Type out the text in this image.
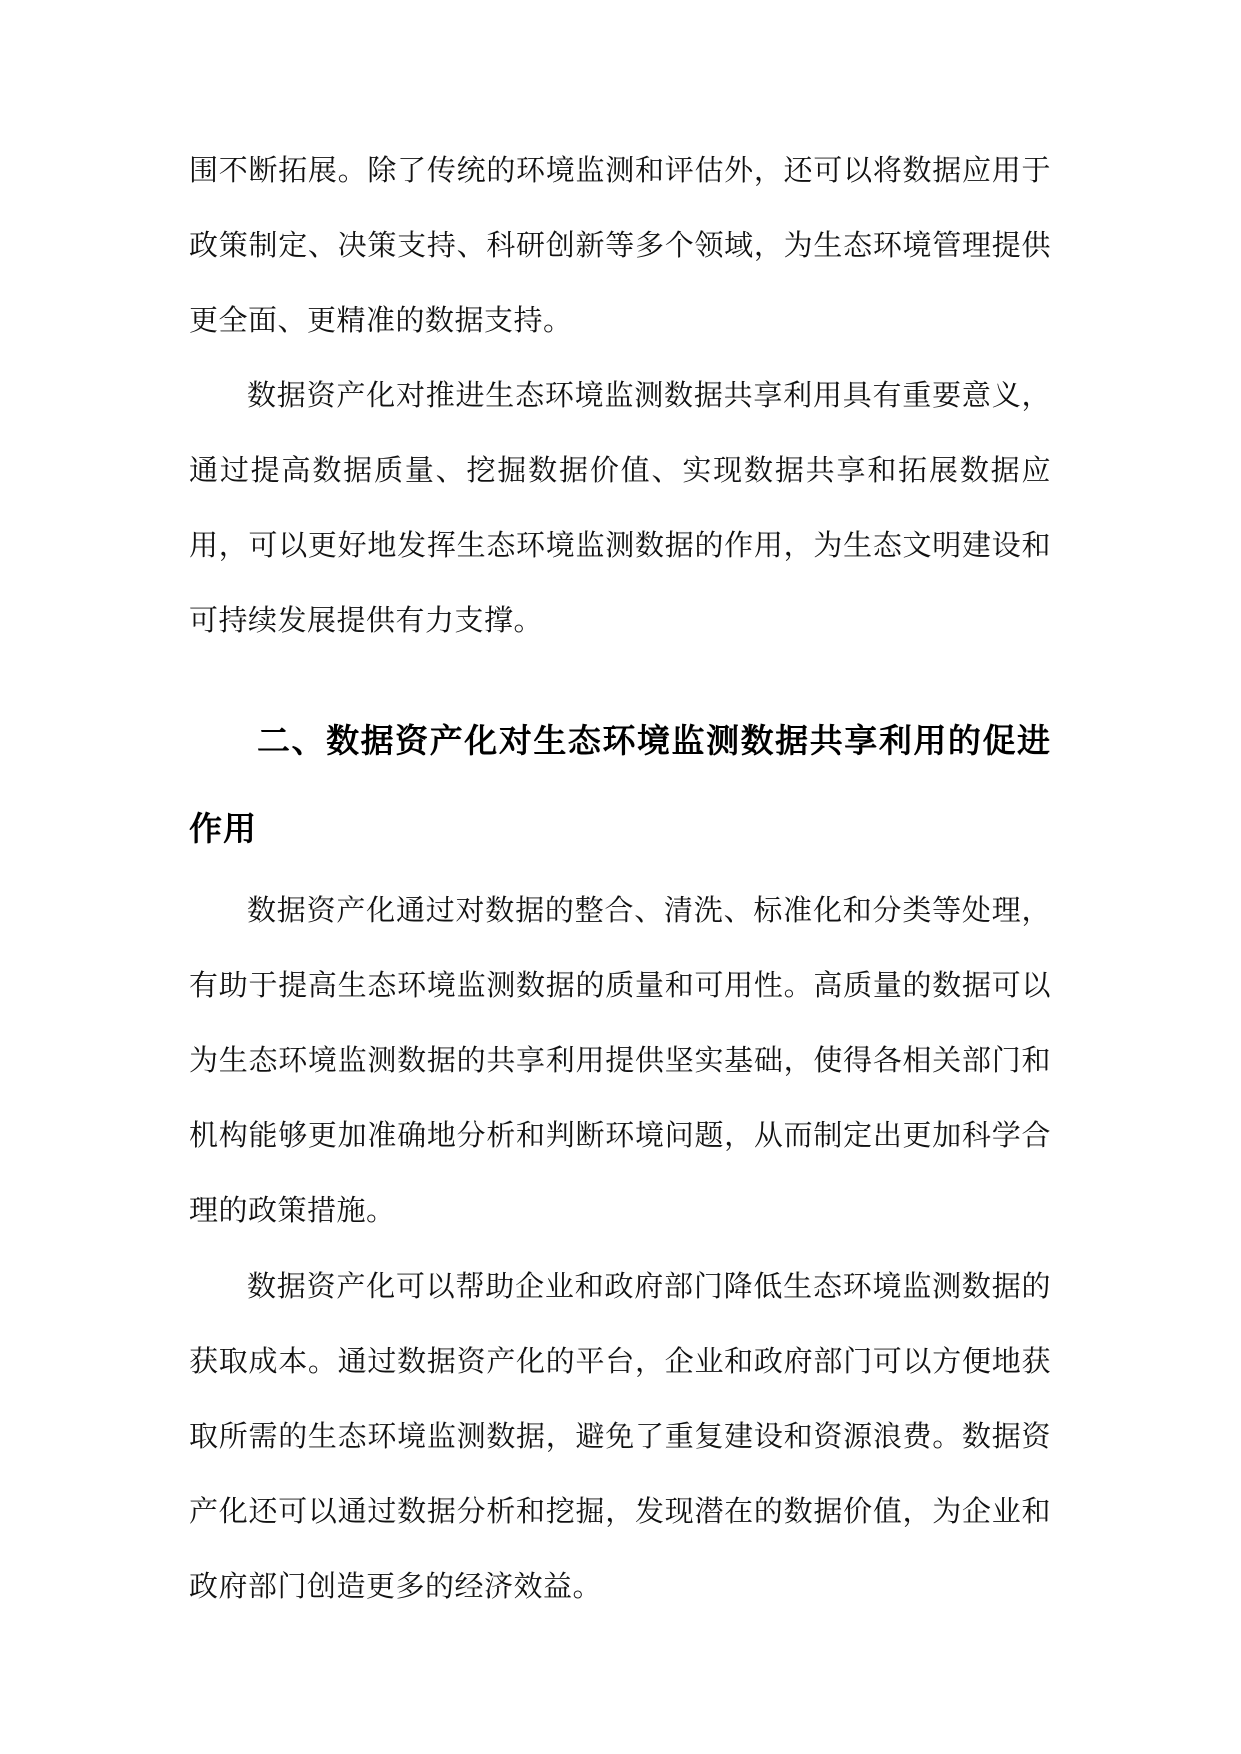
围不断拓展。除了传统的环境监测和评估外，还可以将数据应用于政策制定、决策支持、科研创新等多个领域，为生态环境管理提供更全面、更精准的数据支持。

数据资产化对推进生态环境监测数据共享利用具有重要意义，通过提高数据质量、挖掘数据价值、实现数据共享和拓展数据应用，可以更好地发挥生态环境监测数据的作用，为生态文明建设和可持续发展提供有力支撑。

二、数据资产化对生态环境监测数据共享利用的促进作用

数据资产化通过对数据的整合、清洗、标准化和分类等处理，有助于提高生态环境监测数据的质量和可用性。高质量的数据可以为生态环境监测数据的共享利用提供坚实基础，使得各相关部门和机构能够更加准确地分析和判断环境问题，从而制定出更加科学合理的政策措施。

数据资产化可以帮助企业和政府部门降低生态环境监测数据的获取成本。通过数据资产化的平台，企业和政府部门可以方便地获取所需的生态环境监测数据，避免了重复建设和资源浪费。数据资产化还可以通过数据分析和挖掘，发现潜在的数据价值，为企业和政府部门创造更多的经济效益。
